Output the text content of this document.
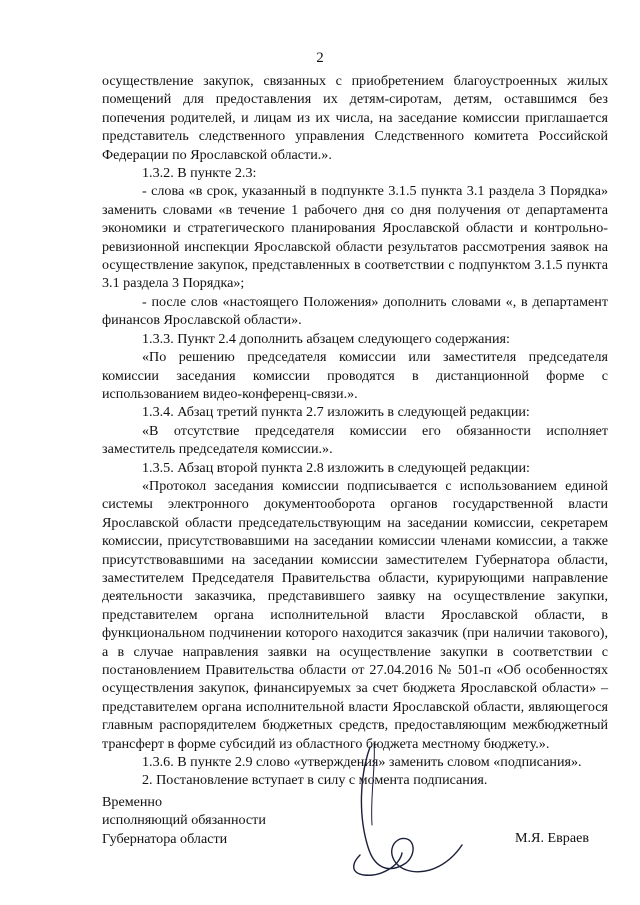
2

осуществление закупок, связанных с приобретением благоустроенных жилых помещений для предоставления их детям-сиротам, детям, оставшимся без попечения родителей, и лицам из их числа, на заседание комиссии приглашается представитель следственного управления Следственного комитета Российской Федерации по Ярославской области.».

1.3.2. В пункте 2.3:

- слова «в срок, указанный в подпункте 3.1.5 пункта 3.1 раздела 3 Порядка» заменить словами «в течение 1 рабочего дня со дня получения от департамента экономики и стратегического планирования Ярославской области и контрольно-ревизионной инспекции Ярославской области результатов рассмотрения заявок на осуществление закупок, представленных в соответствии с подпунктом 3.1.5 пункта 3.1 раздела 3 Порядка»;

- после слов «настоящего Положения» дополнить словами «, в департамент финансов Ярославской области».

1.3.3. Пункт 2.4 дополнить абзацем следующего содержания:

«По решению председателя комиссии или заместителя председателя комиссии заседания комиссии проводятся в дистанционной форме с использованием видео-конференц-связи.».

1.3.4. Абзац третий пункта 2.7 изложить в следующей редакции:

«В отсутствие председателя комиссии его обязанности исполняет заместитель председателя комиссии.».

1.3.5. Абзац второй пункта 2.8 изложить в следующей редакции:

«Протокол заседания комиссии подписывается с использованием единой системы электронного документооборота органов государственной власти Ярославской области председательствующим на заседании комиссии, секретарем комиссии, присутствовавшими на заседании комиссии членами комиссии, а также присутствовавшими на заседании комиссии заместителем Губернатора области, заместителем Председателя Правительства области, курирующими направление деятельности заказчика, представившего заявку на осуществление закупки, представителем органа исполнительной власти Ярославской области, в функциональном подчинении которого находится заказчик (при наличии такового), а в случае направления заявки на осуществление закупки в соответствии с постановлением Правительства области от 27.04.2016 № 501-п «Об особенностях осуществления закупок, финансируемых за счет бюджета Ярославской области» – представителем органа исполнительной власти Ярославской области, являющегося главным распорядителем бюджетных средств, предоставляющим межбюджетный трансферт в форме субсидий из областного бюджета местному бюджету.».

1.3.6. В пункте 2.9 слово «утверждения» заменить словом «подписания».

2. Постановление вступает в силу с момента подписания.

Временно
исполняющий обязанности
Губернатора области	М.Я. Евраев
